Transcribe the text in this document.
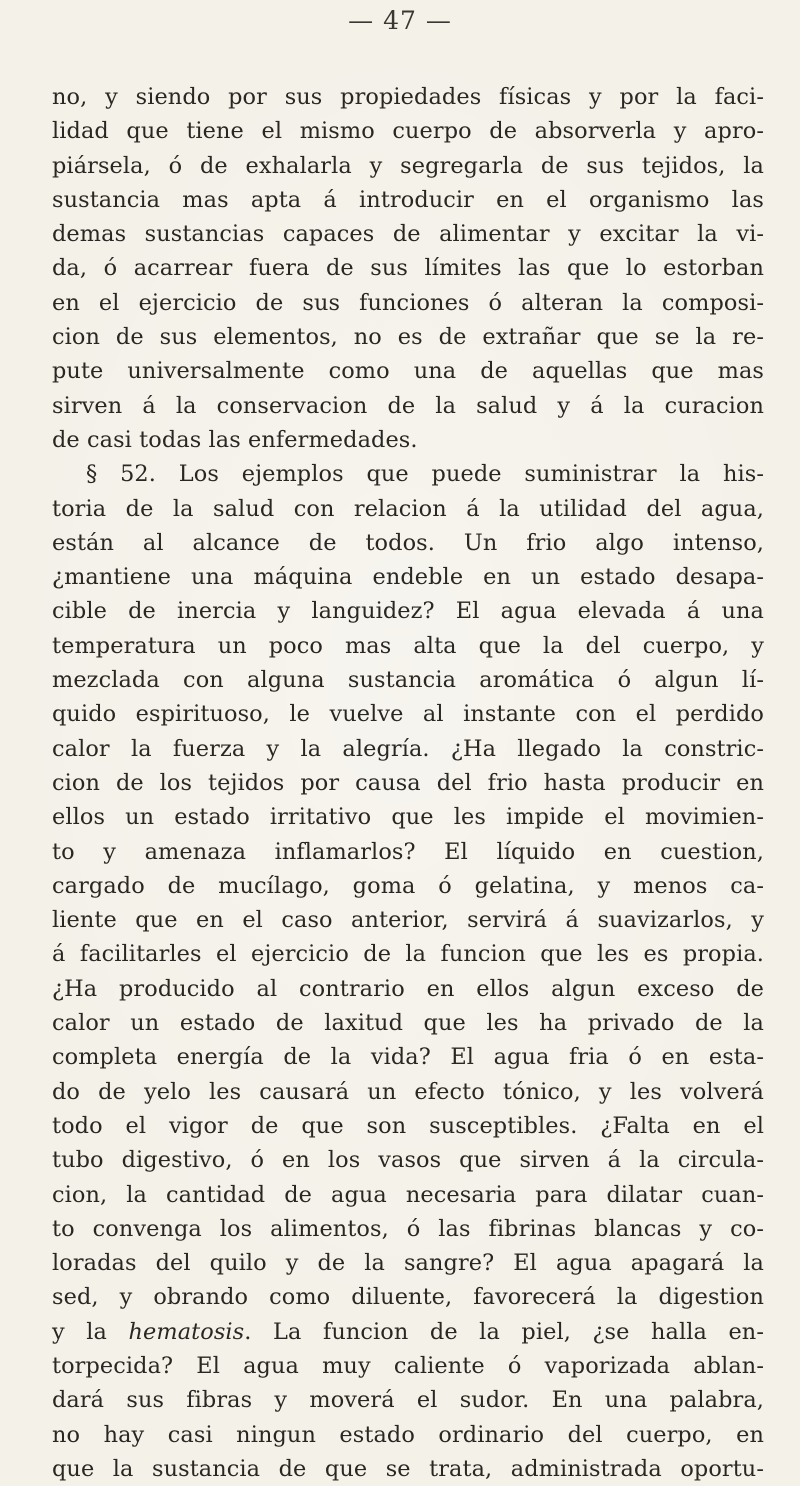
— 47 —
no, y siendo por sus propiedades físicas y por la faci-
lidad que tiene el mismo cuerpo de absorverla y apro-
piársela, ó de exhalarla y segregarla de sus tejidos, la
sustancia mas apta á introducir en el organismo las
demas sustancias capaces de alimentar y excitar la vi-
da, ó acarrear fuera de sus límites las que lo estorban
en el ejercicio de sus funciones ó alteran la composi-
cion de sus elementos, no es de extrañar que se la re-
pute universalmente como una de aquellas que mas
sirven á la conservacion de la salud y á la curacion
de casi todas las enfermedades.
§ 52. Los ejemplos que puede suministrar la his-
toria de la salud con relacion á la utilidad del agua,
están al alcance de todos. Un frio algo intenso,
¿mantiene una máquina endeble en un estado desapa-
cible de inercia y languidez? El agua elevada á una
temperatura un poco mas alta que la del cuerpo, y
mezclada con alguna sustancia aromática ó algun lí-
quido espirituoso, le vuelve al instante con el perdido
calor la fuerza y la alegría. ¿Ha llegado la constric-
cion de los tejidos por causa del frio hasta producir en
ellos un estado irritativo que les impide el movimien-
to y amenaza inflamarlos? El líquido en cuestion,
cargado de mucílago, goma ó gelatina, y menos ca-
liente que en el caso anterior, servirá á suavizarlos, y
á facilitarles el ejercicio de la funcion que les es propia.
¿Ha producido al contrario en ellos algun exceso de
calor un estado de laxitud que les ha privado de la
completa energía de la vida? El agua fria ó en esta-
do de yelo les causará un efecto tónico, y les volverá
todo el vigor de que son susceptibles. ¿Falta en el
tubo digestivo, ó en los vasos que sirven á la circula-
cion, la cantidad de agua necesaria para dilatar cuan-
to convenga los alimentos, ó las fibrinas blancas y co-
loradas del quilo y de la sangre? El agua apagará la
sed, y obrando como diluente, favorecerá la digestion
y la hematosis. La funcion de la piel, ¿se halla en-
torpecida? El agua muy caliente ó vaporizada ablan-
dará sus fibras y moverá el sudor. En una palabra,
no hay casi ningun estado ordinario del cuerpo, en
que la sustancia de que se trata, administrada oportu-
